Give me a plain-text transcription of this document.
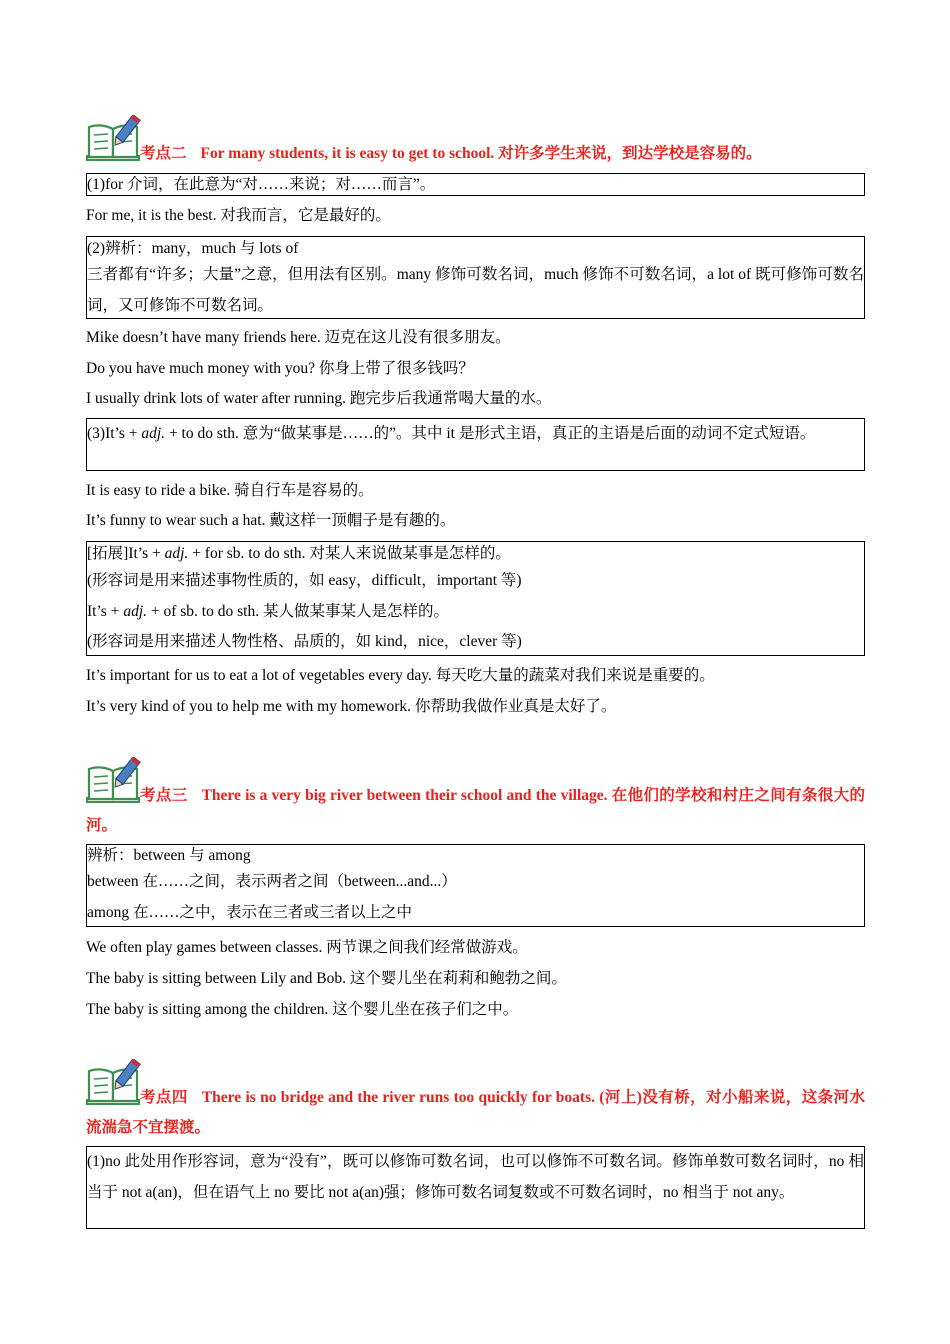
考点二 For many students, it is easy to get to school. 对许多学生来说，到达学校是容易的。
(1)for 介词，在此意为“对……来说；对……而言”。
For me, it is the best. 对我而言，它是最好的。
(2)辨析：many，much 与 lots of
三者都有“许多；大量”之意，但用法有区别。many 修饰可数名词，much 修饰不可数名词，a lot of 既可修饰可数名词，又可修饰不可数名词。
Mike doesn’t have many friends here. 迈克在这儿没有很多朋友。
Do you have much money with you? 你身上带了很多钱吗？
I usually drink lots of water after running. 跑完步后我通常喝大量的水。
(3)It’s + adj. + to do sth. 意为“做某事是……的”。其中 it 是形式主语，真正的主语是后面的动词不定式短语。
It is easy to ride a bike. 骑自行车是容易的。
It’s funny to wear such a hat. 戴这样一顶帽子是有趣的。
[拓展]It’s + adj. + for sb. to do sth. 对某人来说做某事是怎样的。
(形容词是用来描述事物性质的，如 easy，difficult，important 等)
It’s + adj. + of sb. to do sth. 某人做某事某人是怎样的。
(形容词是用来描述人物性格、品质的，如 kind，nice，clever 等)
It’s important for us to eat a lot of vegetables every day. 每天吃大量的蔬菜对我们来说是重要的。
It’s very kind of you to help me with my homework. 你帮助我做作业真是太好了。
考点三 There is a very big river between their school and the village. 在他们的学校和村庄之间有条很大的河。
辨析：between 与 among
between 在……之间，表示两者之间（between...and...）
among 在……之中，表示在三者或三者以上之中
We often play games between classes. 两节课之间我们经常做游戏。
The baby is sitting between Lily and Bob. 这个婴儿坐在莉莉和鲍勃之间。
The baby is sitting among the children. 这个婴儿坐在孩子们之中。
考点四 There is no bridge and the river runs too quickly for boats. (河上)没有桥，对小船来说，这条河水流湍急不宜摆渡。
(1)no 此处用作形容词，意为“没有”，既可以修饰可数名词，也可以修饰不可数名词。修饰单数可数名词时，no 相当于 not a(an)，但在语气上 no 要比 not a(an)强；修饰可数名词复数或不可数名词时，no 相当于 not any。
